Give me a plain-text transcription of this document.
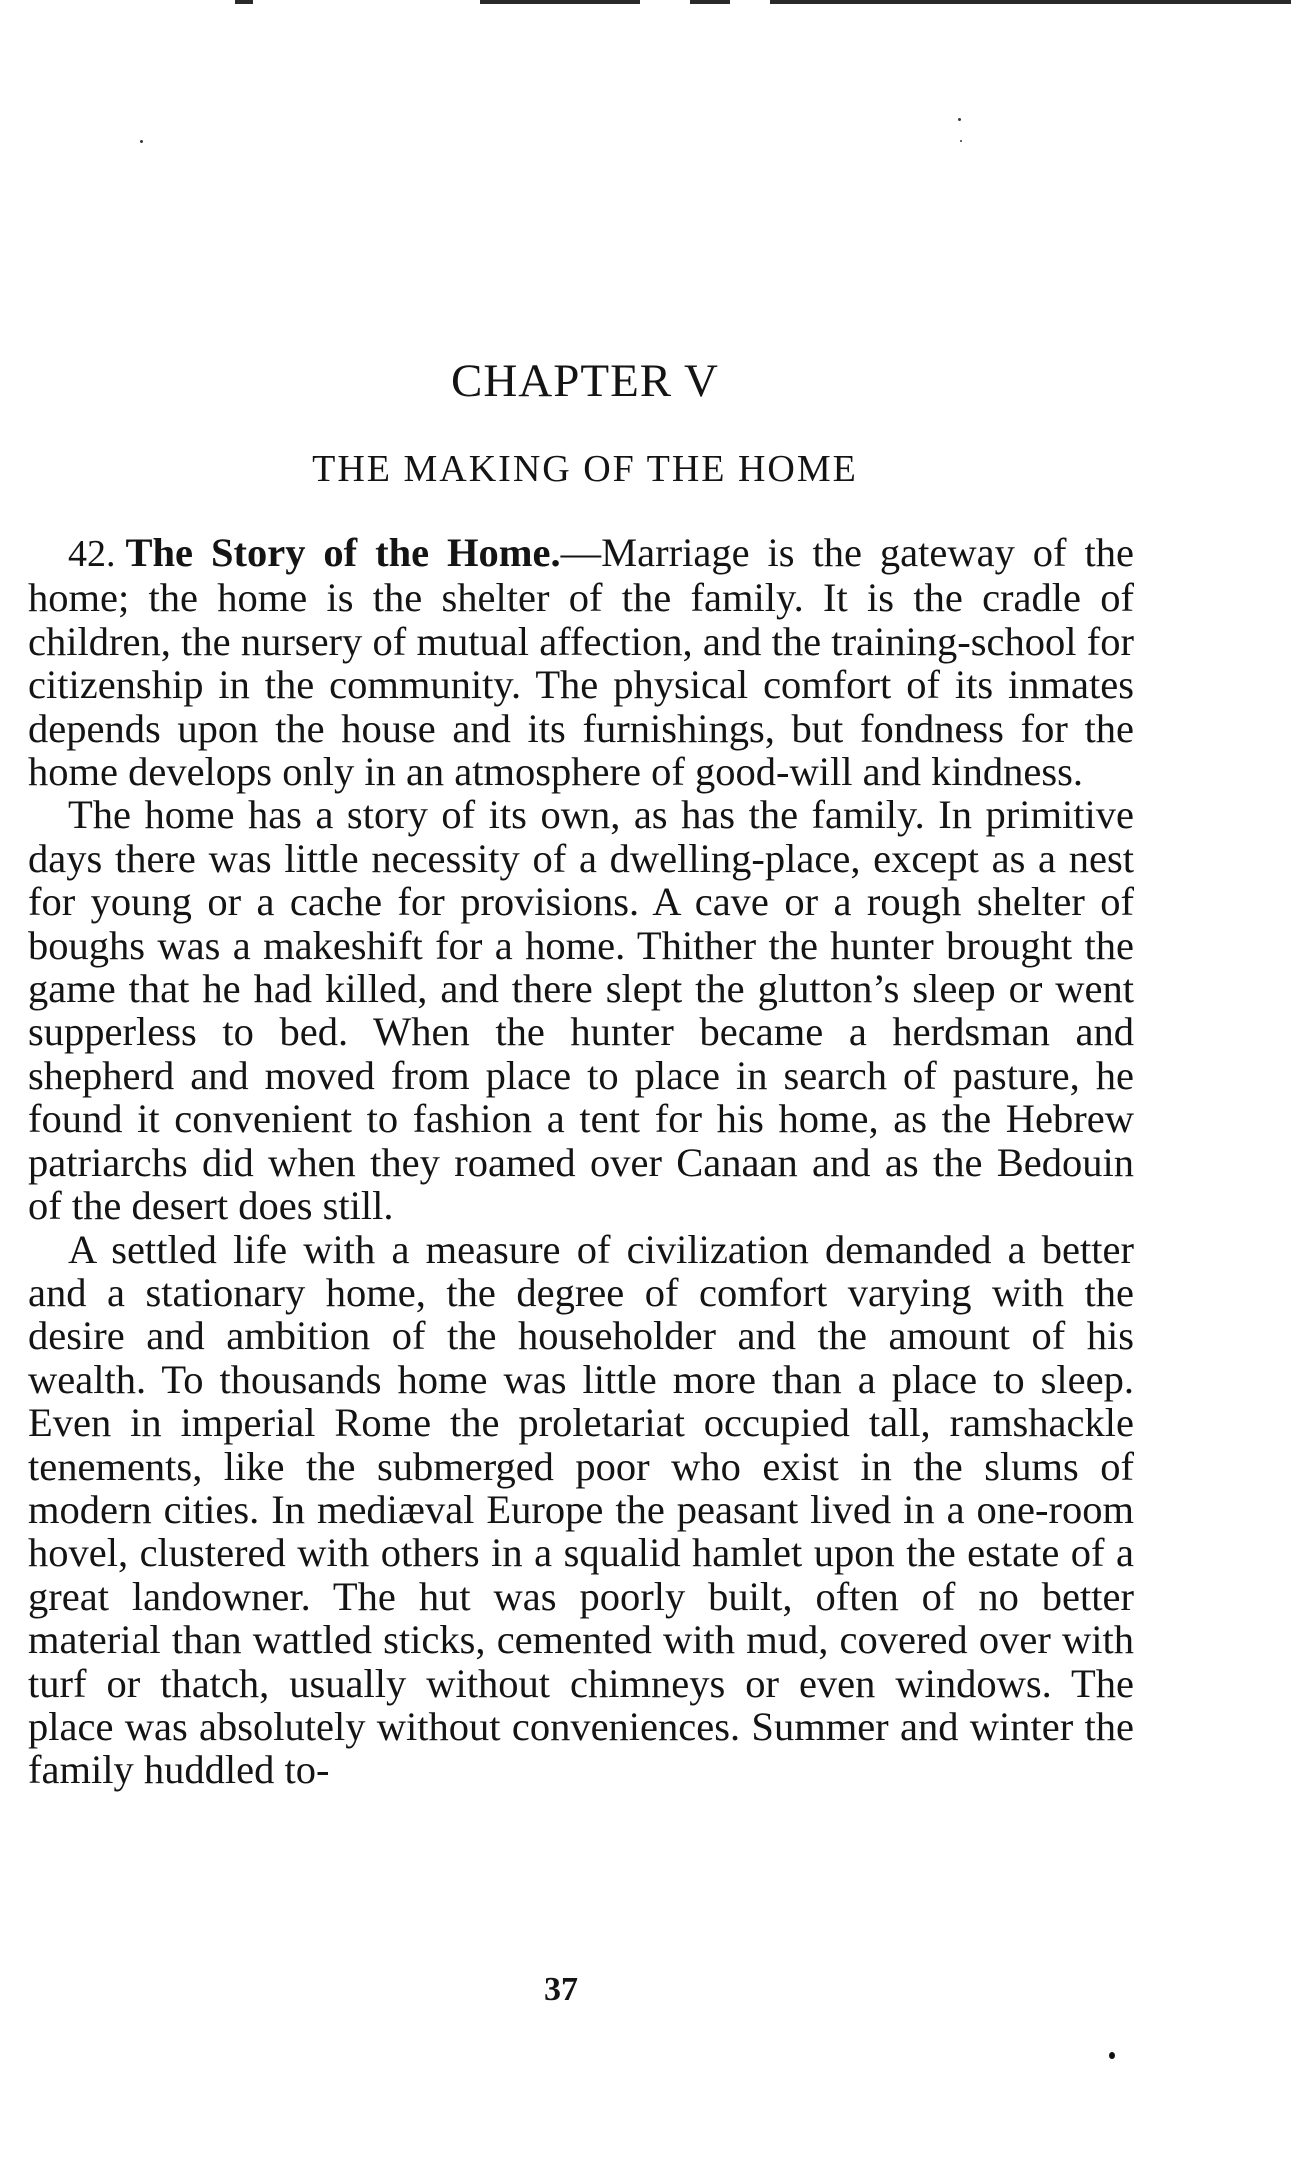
CHAPTER V
THE MAKING OF THE HOME

42. The Story of the Home.—Marriage is the gateway of the home; the home is the shelter of the family. It is the cradle of children, the nursery of mutual affection, and the training-school for citizenship in the community. The physical comfort of its inmates depends upon the house and its furnishings, but fondness for the home develops only in an atmosphere of good-will and kindness.

The home has a story of its own, as has the family. In primitive days there was little necessity of a dwelling-place, except as a nest for young or a cache for provisions. A cave or a rough shelter of boughs was a makeshift for a home. Thither the hunter brought the game that he had killed, and there slept the glutton’s sleep or went supperless to bed. When the hunter became a herdsman and shepherd and moved from place to place in search of pasture, he found it convenient to fashion a tent for his home, as the Hebrew patriarchs did when they roamed over Canaan and as the Bedouin of the desert does still.

A settled life with a measure of civilization demanded a better and a stationary home, the degree of comfort varying with the desire and ambition of the householder and the amount of his wealth. To thousands home was little more than a place to sleep. Even in imperial Rome the proletariat occupied tall, ramshackle tenements, like the submerged poor who exist in the slums of modern cities. In mediæval Europe the peasant lived in a one-room hovel, clustered with others in a squalid hamlet upon the estate of a great landowner. The hut was poorly built, often of no better material than wattled sticks, cemented with mud, covered over with turf or thatch, usually without chimneys or even windows. The place was absolutely without conveniences. Summer and winter the family huddled to-

37
